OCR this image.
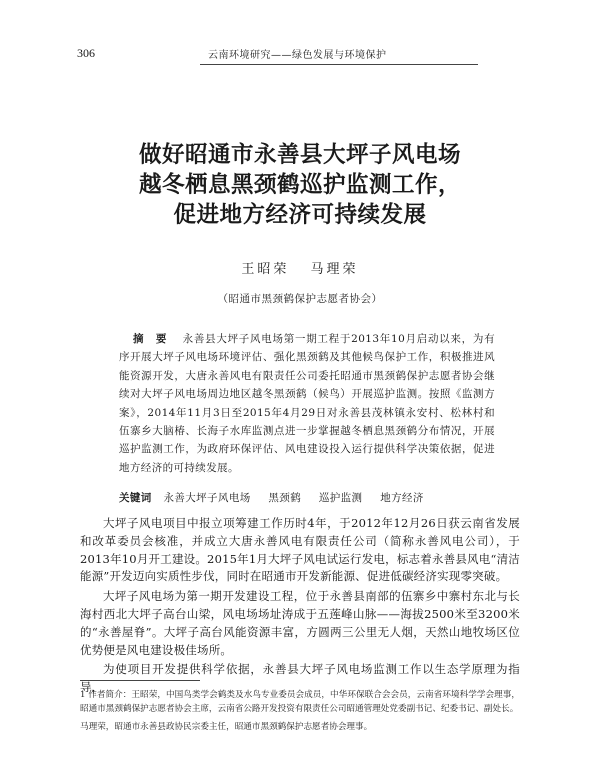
306	云南环境研究——绿色发展与环境保护
做好昭通市永善县大坪子风电场
越冬栖息黑颈鹤巡护监测工作，
促进地方经济可持续发展
王昭荣 马理荣
（昭通市黑颈鹤保护志愿者协会）
摘 要 永善县大坪子风电场第一期工程于2013年10月启动以来，为有序开展大坪子风电场环境评估、强化黑颈鹤及其他候鸟保护工作，积极推进风能资源开发，大唐永善风电有限责任公司委托昭通市黑颈鹤保护志愿者协会继续对大坪子风电场周边地区越冬黑颈鹤（候鸟）开展巡护监测。按照《监测方案》，2014年11月3日至2015年4月29日对永善县茂林镇永安村、松林村和伍寨乡大脑椿、长海子水库监测点进一步掌握越冬栖息黑颈鹤分布情况，开展巡护监测工作，为政府环保评估、风电建设投入运行提供科学决策依据，促进地方经济的可持续发展。
关键词 永善大坪子风电场 黑颈鹤 巡护监测 地方经济

大坪子风电项目中报立项筹建工作历时4年，于2012年12月26日获云南省发展和改革委员会核准，并成立大唐永善风电有限责任公司（简称永善风电公司），于2013年10月开工建设。2015年1月大坪子风电试运行发电，标志着永善县风电“清洁能源”开发迈向实质性步伐，同时在昭通市开发新能源、促进低碳经济实现零突破。

大坪子风电场为第一期开发建设工程，位于永善县南部的伍寨乡中寨村东北与长海村西北大坪子高台山梁，风电场场址涛成于五莲峰山脉——海拔2500米至3200米的“永善屋脊”。大坪子高台风能资源丰富，方圆两三公里无人烟，天然山地牧场区位优势便是风电建设极佳场所。

为使项目开发提供科学依据，永善县大坪子风电场监测工作以生态学原理为指导，

1 作者简介：王昭荣，中国鸟类学会鹤类及水鸟专业委员会成员，中华环保联合会会员，云南省环境科学学会理事，昭通市黑颈鹤保护志愿者协会主席，云南省公路开发投资有限责任公司昭通管理处党委副书记、纪委书记、副处长。

马理荣，昭通市永善县政协民宗委主任，昭通市黑颈鹤保护志愿者协会理事。
